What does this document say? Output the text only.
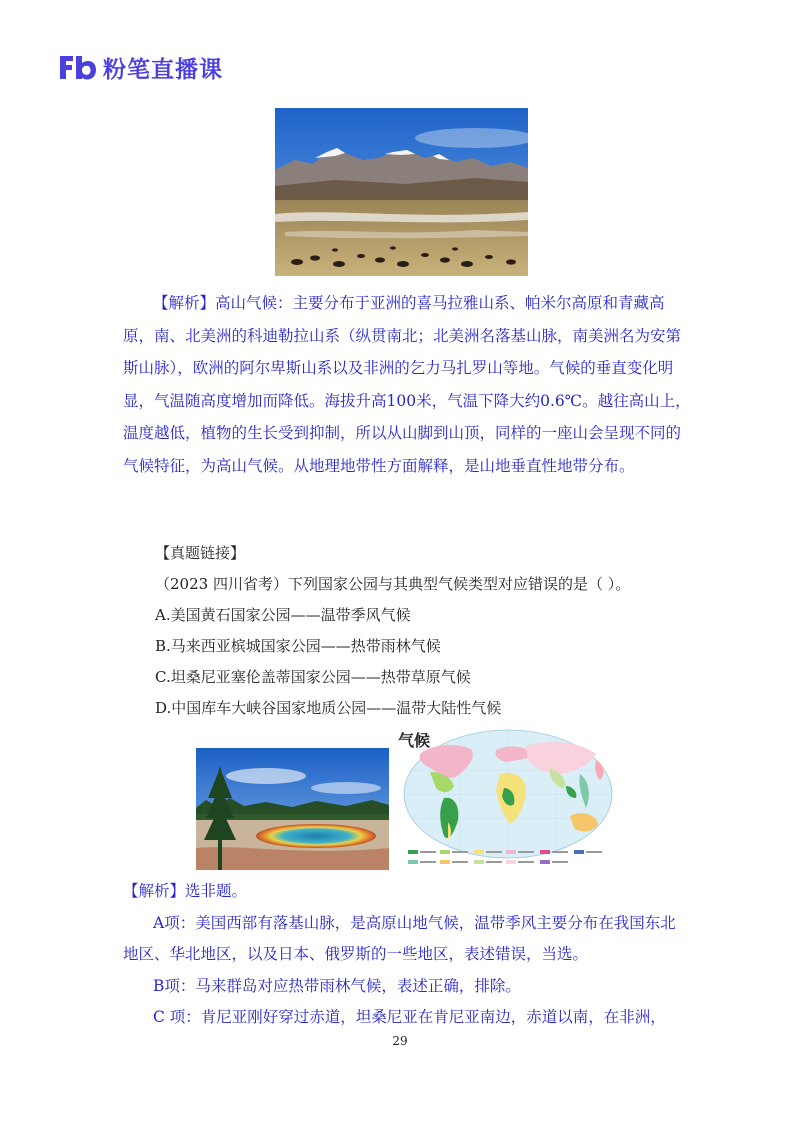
粉笔直播课

【解析】高山气候：主要分布于亚洲的喜马拉雅山系、帕米尔高原和青藏高原，南、北美洲的科迪勒拉山系（纵贯南北；北美洲名落基山脉，南美洲名为安第斯山脉），欧洲的阿尔卑斯山系以及非洲的乞力马扎罗山等地。气候的垂直变化明显，气温随高度增加而降低。海拔升高100米，气温下降大约0.6℃。越往高山上，温度越低，植物的生长受到抑制，所以从山脚到山顶，同样的一座山会呈现不同的气候特征，为高山气候。从地理地带性方面解释，是山地垂直性地带分布。

【真题链接】
（2023 四川省考）下列国家公园与其典型气候类型对应错误的是（ ）。
A.美国黄石国家公园——温带季风气候
B.马来西亚槟城国家公园——热带雨林气候
C.坦桑尼亚塞伦盖蒂国家公园——热带草原气候
D.中国库车大峡谷国家地质公园——温带大陆性气候
气候

【解析】选非题。

A项：美国西部有落基山脉，是高原山地气候，温带季风主要分布在我国东北地区、华北地区，以及日本、俄罗斯的一些地区，表述错误，当选。

B项：马来群岛对应热带雨林气候，表述正确，排除。

C 项：肯尼亚刚好穿过赤道，坦桑尼亚在肯尼亚南边，赤道以南，在非洲，

29
